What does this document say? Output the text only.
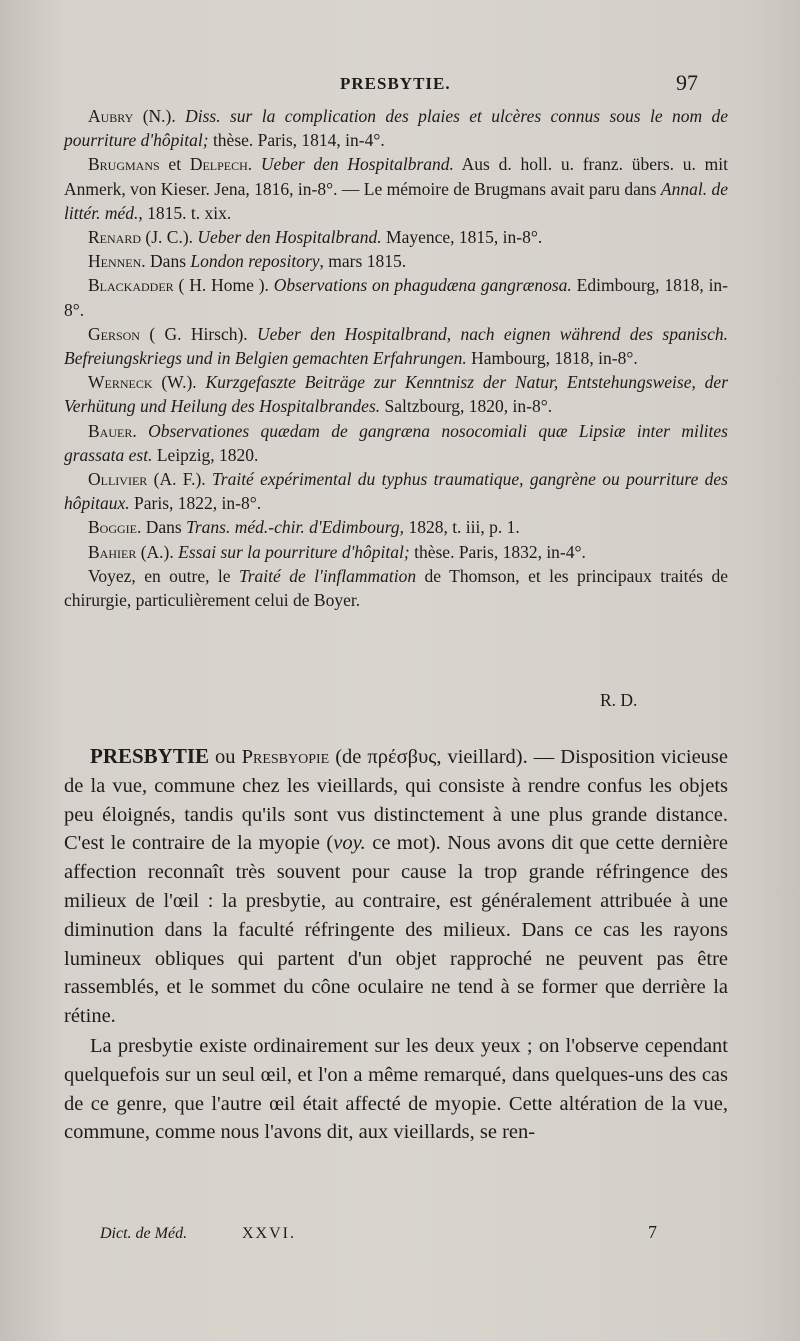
PRESBYTIE.	97
Aubry (N.). Diss. sur la complication des plaies et ulcères connus sous le nom de pourriture d'hôpital; thèse. Paris, 1814, in-4°.
Brugmans et Delpech. Ueber den Hospitalbrand. Aus d. holl. u. franz. übers. u. mit Anmerk, von Kieser. Jena, 1816, in-8°. — Le mémoire de Brugmans avait paru dans Annal. de littér. méd., 1815. t. xix.
Renard (J. C.). Ueber den Hospitalbrand. Mayence, 1815, in-8°.
Hennen. Dans London repository, mars 1815.
Blackadder ( H. Home ). Observations on phagudæna gangrænosa. Edimbourg, 1818, in-8°.
Gerson ( G. Hirsch). Ueber den Hospitalbrand, nach eignen während des spanisch. Befreiungskriegs und in Belgien gemachten Erfahrungen. Hambourg, 1818, in-8°.
Werneck (W.). Kurzgefaszte Beiträge zur Kenntnisz der Natur, Entstehungsweise, der Verhütung und Heilung des Hospitalbrandes. Saltzbourg, 1820, in-8°.
Bauer. Observationes quædam de gangræna nosocomiali quæ Lipsiæ inter milites grassata est. Leipzig, 1820.
Ollivier (A. F.). Traité expérimental du typhus traumatique, gangrène ou pourriture des hôpitaux. Paris, 1822, in-8°.
Boggie. Dans Trans. méd.-chir. d'Edimbourg, 1828, t. iii, p. 1.
Bahier (A.). Essai sur la pourriture d'hôpital; thèse. Paris, 1832, in-4°.
Voyez, en outre, le Traité de l'inflammation de Thomson, et les principaux traités de chirurgie, particulièrement celui de Boyer.
R. D.

PRESBYTIE ou Presbyopie (de πρέσβυς, vieillard). — Disposition vicieuse de la vue, commune chez les vieillards, qui consiste à rendre confus les objets peu éloignés, tandis qu'ils sont vus distinctement à une plus grande distance. C'est le contraire de la myopie (voy. ce mot). Nous avons dit que cette dernière affection reconnaît très souvent pour cause la trop grande réfringence des milieux de l'œil : la presbytie, au contraire, est généralement attribuée à une diminution dans la faculté réfringente des milieux. Dans ce cas les rayons lumineux obliques qui partent d'un objet rapproché ne peuvent pas être rassemblés, et le sommet du cône oculaire ne tend à se former que derrière la rétine.

La presbytie existe ordinairement sur les deux yeux ; on l'observe cependant quelquefois sur un seul œil, et l'on a même remarqué, dans quelques-uns des cas de ce genre, que l'autre œil était affecté de myopie. Cette altération de la vue, commune, comme nous l'avons dit, aux vieillards, se ren-

Dict. de Méd.	XXVI.	7
